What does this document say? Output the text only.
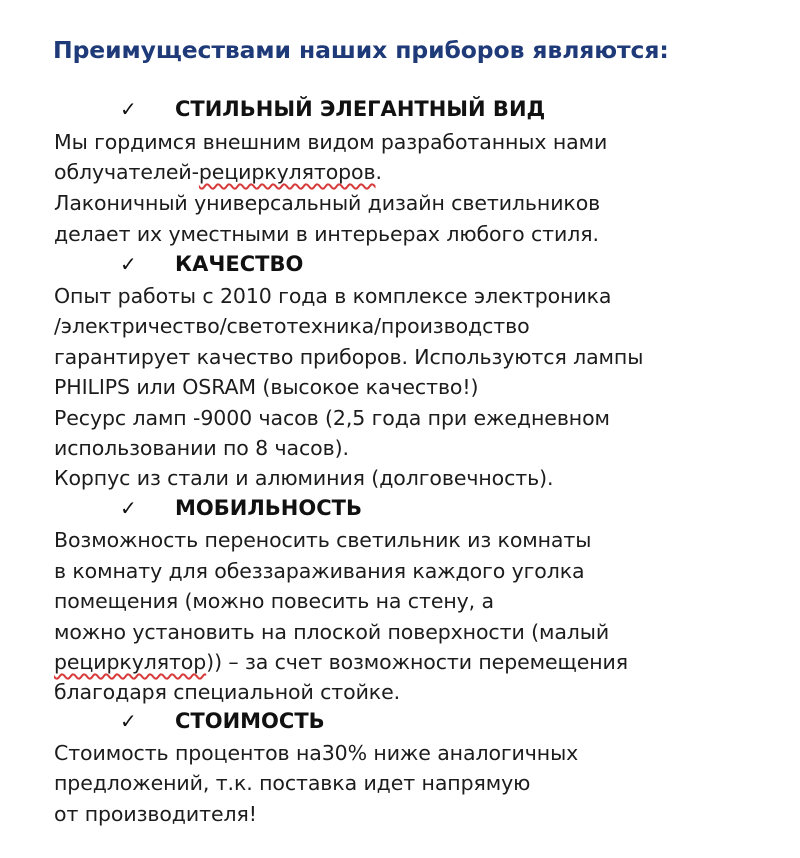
Преимуществами наших приборов являются:
✓ СТИЛЬНЫЙ ЭЛЕГАНТНЫЙ ВИД
Мы гордимся внешним видом разработанных нами
облучателей-рециркуляторов.
Лаконичный универсальный дизайн светильников
делает их уместными в интерьерах любого стиля.
✓ КАЧЕСТВО
Опыт работы с 2010 года в комплексе электроника
/электричество/светотехника/производство
гарантирует качество приборов. Используются лампы
PHILIPS или OSRAM (высокое качество!)
Ресурс ламп -9000 часов (2,5 года при ежедневном
использовании по 8 часов).
Корпус из стали и алюминия (долговечность).
✓ МОБИЛЬНОСТЬ
Возможность переносить светильник из комнаты
в комнату для обеззараживания каждого уголка
помещения (можно повесить на стену, а
можно установить на плоской поверхности (малый
рециркулятор)) – за счет возможности перемещения
благодаря специальной стойке.
✓ СТОИМОСТЬ
Стоимость процентов на30% ниже аналогичных
предложений, т.к. поставка идет напрямую
от производителя!
